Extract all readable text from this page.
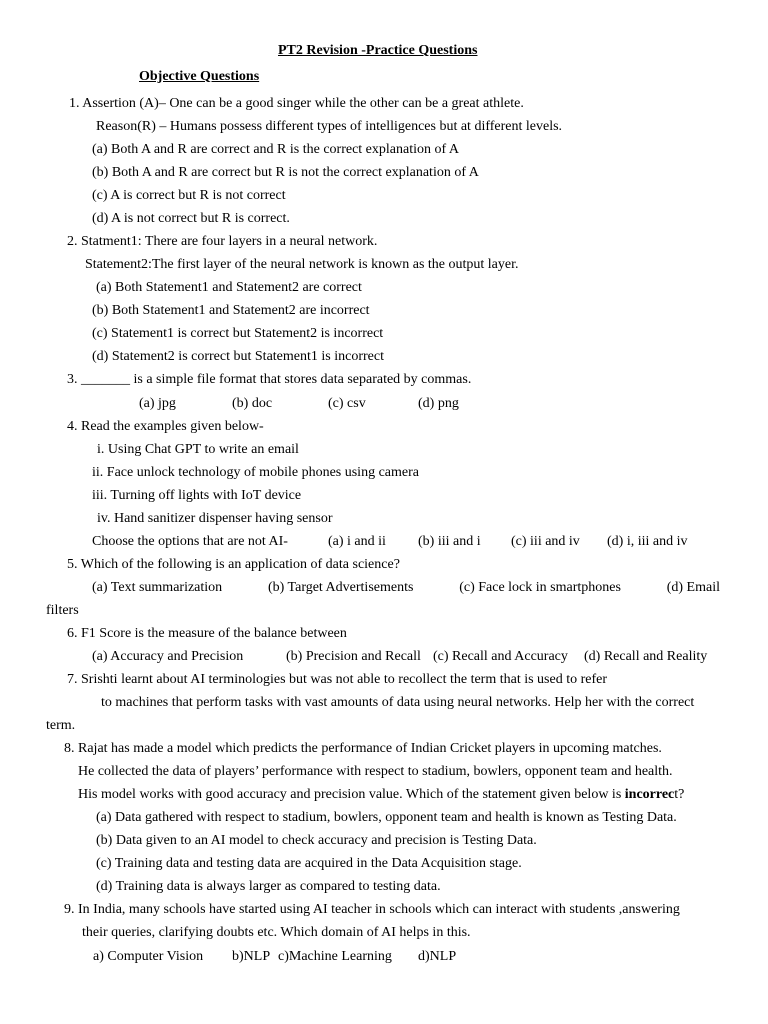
PT2 Revision -Practice Questions
Objective Questions
1. Assertion (A)– One can be a good singer while the other can be a great athlete.
Reason(R) – Humans possess different types of intelligences but at different levels.
(a) Both A and R are correct and R is the correct explanation of A
(b) Both A and R are correct but R is not the correct explanation of A
(c) A is correct but R is not correct
(d) A is not correct but R is correct.
2. Statment1: There are four layers in a neural network.
Statement2:The first layer of the neural network is known as the output layer.
(a) Both Statement1 and Statement2 are correct
(b) Both Statement1 and Statement2 are incorrect
(c) Statement1 is correct but Statement2 is incorrect
(d) Statement2 is correct but Statement1 is incorrect
3. _______ is a simple file format that stores data separated by commas.
(a) jpg	(b) doc	(c) csv	(d) png
4. Read the examples given below-
i. Using Chat GPT to write an email
ii. Face unlock technology of mobile phones using camera
iii. Turning off lights with IoT device
iv. Hand sanitizer dispenser having sensor
Choose the options that are not AI-	(a) i and ii (b) iii and i (c) iii and iv (d) i, iii and iv
5. Which of the following is an application of data science?
(a) Text summarization	(b) Target Advertisements	(c) Face lock in smartphones	(d) Email
filters
6. F1 Score is the measure of the balance between
(a) Accuracy and Precision	(b) Precision and Recall (c) Recall and Accuracy (d) Recall and Reality
7. Srishti learnt about AI terminologies but was not able to recollect the term that is used to refer
to machines that perform tasks with vast amounts of data using neural networks. Help her with the correct
term.
8. Rajat has made a model which predicts the performance of Indian Cricket players in upcoming matches.
He collected the data of players’ performance with respect to stadium, bowlers, opponent team and health.
His model works with good accuracy and precision value. Which of the statement given below is incorrect?
(a) Data gathered with respect to stadium, bowlers, opponent team and health is known as Testing Data.
(b) Data given to an AI model to check accuracy and precision is Testing Data.
(c) Training data and testing data are acquired in the Data Acquisition stage.
(d) Training data is always larger as compared to testing data.
9. In India, many schools have started using AI teacher in schools which can interact with students ,answering
their queries, clarifying doubts etc. Which domain of AI helps in this.
a) Computer Vision b)NLP c)Machine Learning d)NLP
